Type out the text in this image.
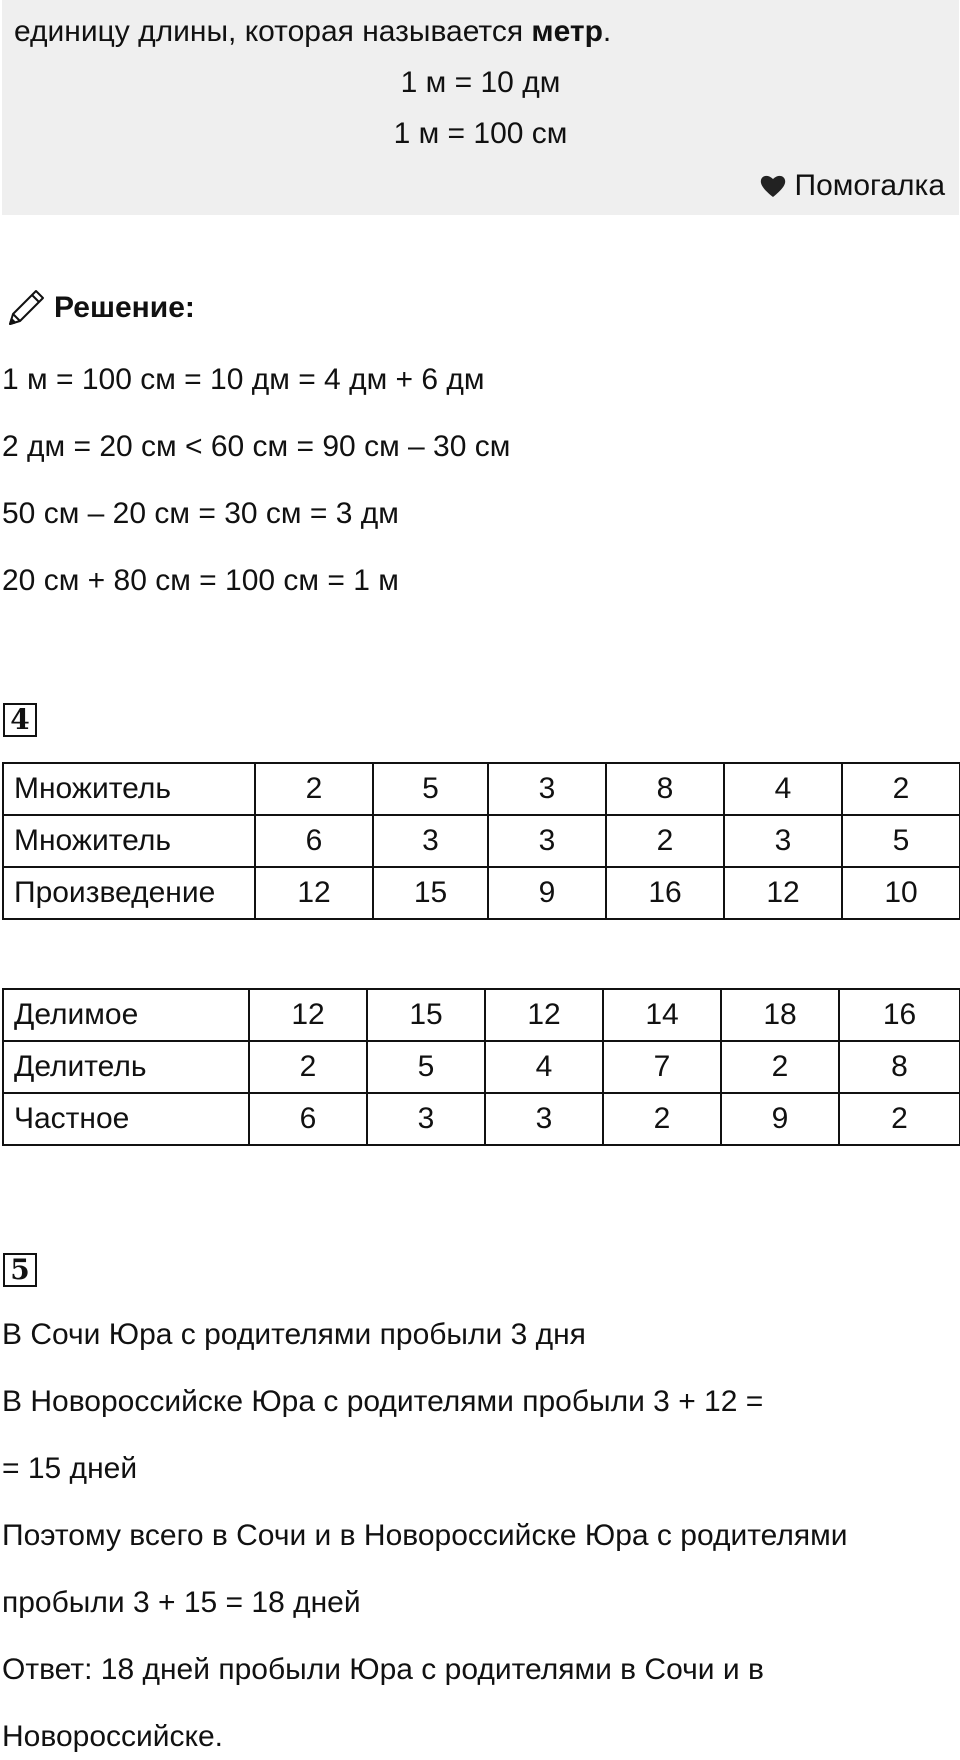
единицу длины, которая называется метр.
1 м = 10 дм
1 м = 100 см
Помогалка
Решение:
1 м = 100 см = 10 дм = 4 дм + 6 дм
2 дм = 20 см < 60 см = 90 см – 30 см
50 см – 20 см = 30 см = 3 дм
20 см + 80 см = 100 см = 1 м
4
Множитель	2	5	3	8	4	2
Множитель	6	3	3	2	3	5
Произведение	12	15	9	16	12	10
Делимое	12	15	12	14	18	16
Делитель	2	5	4	7	2	8
Частное	6	3	3	2	9	2
5
В Сочи Юра с родителями пробыли 3 дня
В Новороссийске Юра с родителями пробыли 3 + 12 =
= 15 дней
Поэтому всего в Сочи и в Новороссийске Юра с родителями
пробыли 3 + 15 = 18 дней
Ответ: 18 дней пробыли Юра с родителями в Сочи и в
Новороссийске.
